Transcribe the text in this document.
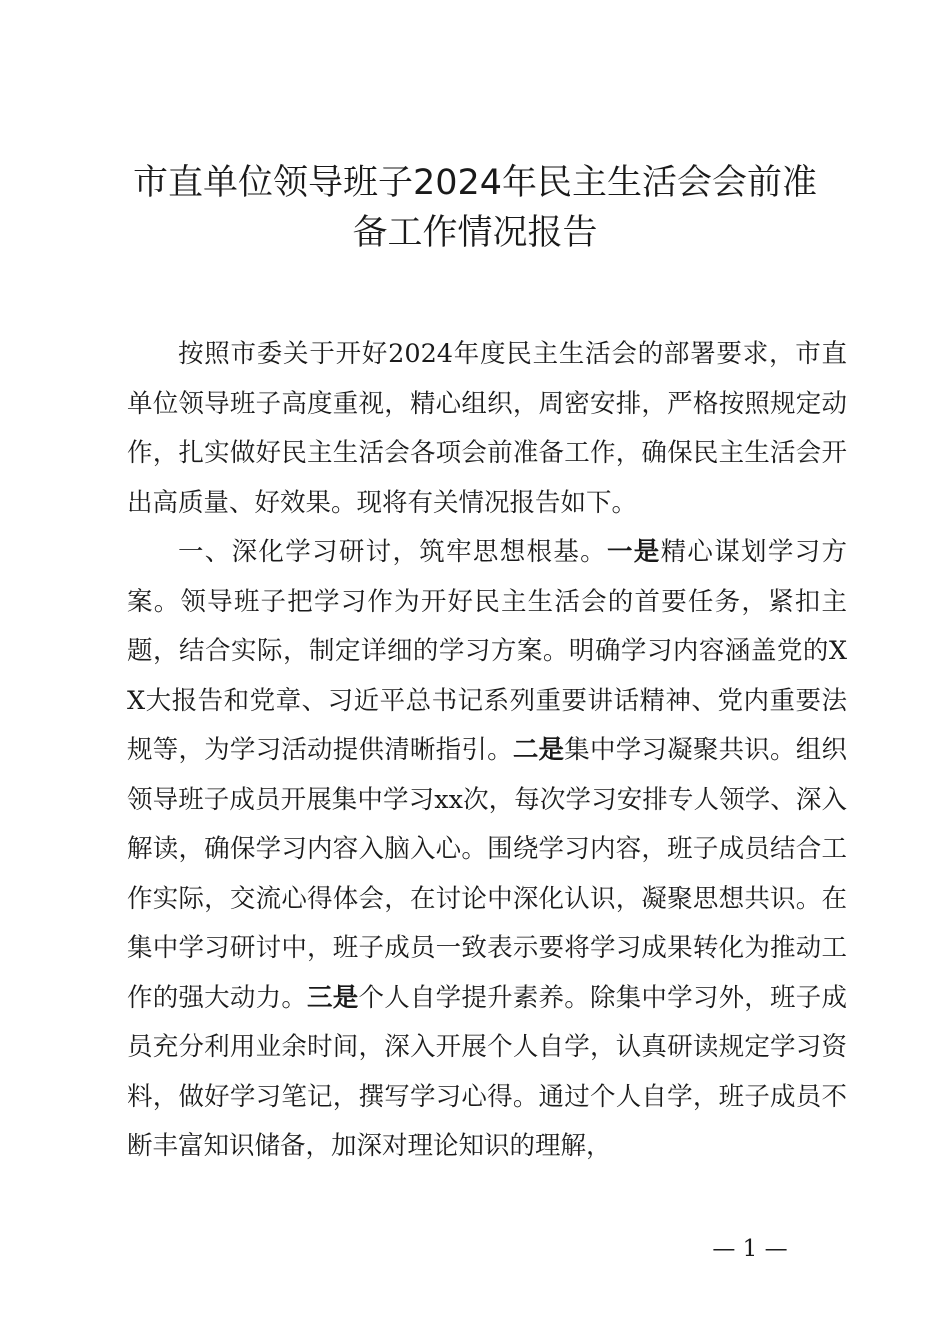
市直单位领导班子2024年民主生活会会前准
备工作情况报告

按照市委关于开好2024年度民主生活会的部署要求，市直单位领导班子高度重视，精心组织，周密安排，严格按照规定动作，扎实做好民主生活会各项会前准备工作，确保民主生活会开出高质量、好效果。现将有关情况报告如下。

一、深化学习研讨，筑牢思想根基。一是精心谋划学习方案。领导班子把学习作为开好民主生活会的首要任务，紧扣主题，结合实际，制定详细的学习方案。明确学习内容涵盖党的XX大报告和党章、习近平总书记系列重要讲话精神、党内重要法规等，为学习活动提供清晰指引。二是集中学习凝聚共识。组织领导班子成员开展集中学习xx次，每次学习安排专人领学、深入解读，确保学习内容入脑入心。围绕学习内容，班子成员结合工作实际，交流心得体会，在讨论中深化认识，凝聚思想共识。在集中学习研讨中，班子成员一致表示要将学习成果转化为推动工作的强大动力。三是个人自学提升素养。除集中学习外，班子成员充分利用业余时间，深入开展个人自学，认真研读规定学习资料，做好学习笔记，撰写学习心得。通过个人自学，班子成员不断丰富知识储备，加深对理论知识的理解，

— 1 —
